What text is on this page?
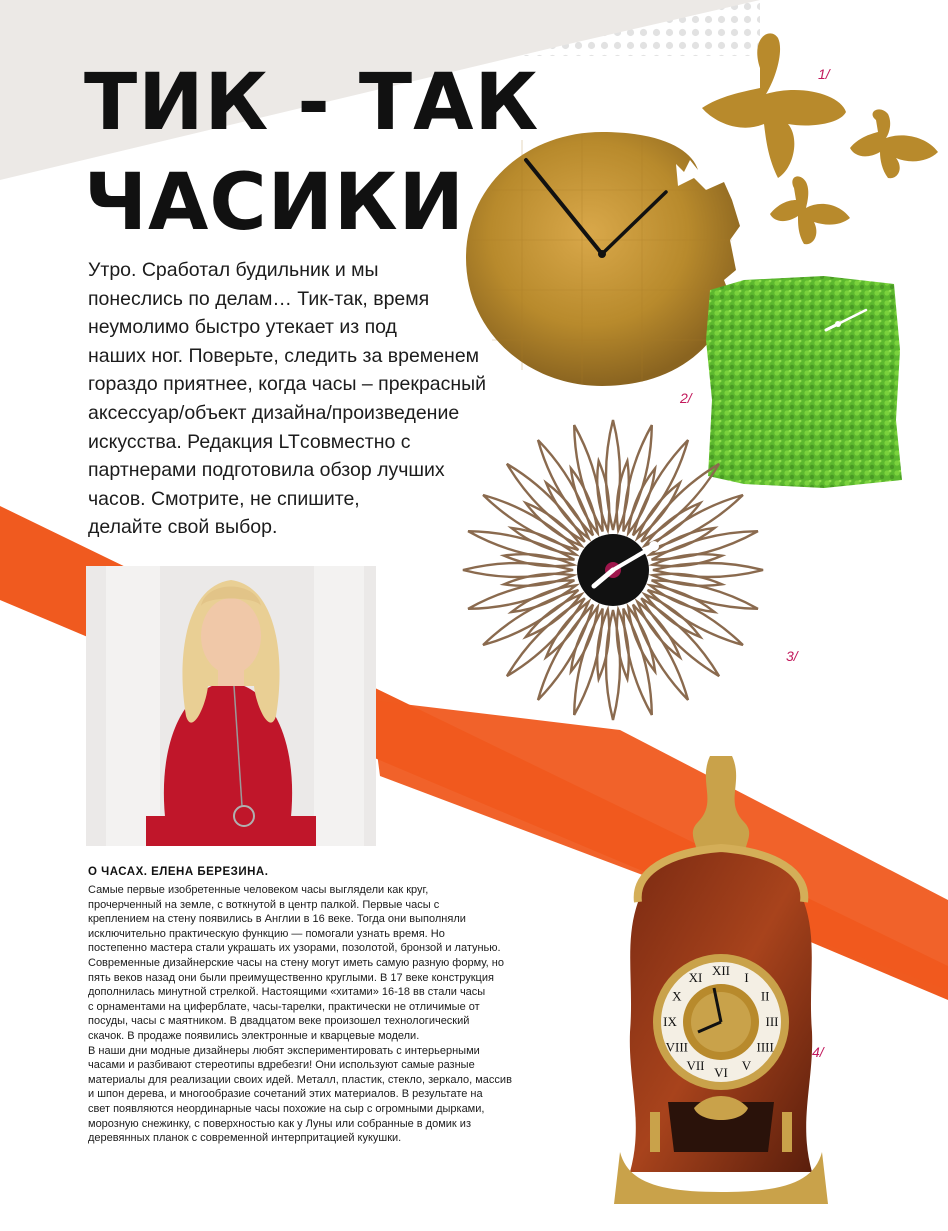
ТИК - ТАК
ЧАСИКИ
Утро. Сработал будильник и мы
понеслись по делам… Тик-так, время
неумолимо быстро утекает из под
наших ног. Поверьте, следить за временем
гораздо приятнее, когда часы – прекрасный
аксессуар/объект дизайна/произведение
искусства. Редакция LTсовместно с
партнерами подготовила обзор лучших
часов. Смотрите, не спишите,
делайте свой выбор.
XII I
II
III
IIII
V
VI
VII
VIII
IX
X
XI
1/
2/
3/
4/
О ЧАСАХ. ЕЛЕНА БЕРЕЗИНА.
Самые первые изобретенные человеком часы выглядели как круг,
прочерченный на земле, с воткнутой в центр палкой. Первые часы с
креплением на стену появились в Англии в 16 веке. Тогда они выполняли
исключительно практическую функцию — помогали узнать время. Но
постепенно мастера стали украшать их узорами, позолотой, бронзой и латунью.
Современные дизайнерские часы на стену могут иметь самую разную форму, но
пять веков назад они были преимущественно круглыми. В 17 веке конструкция
дополнилась минутной стрелкой. Настоящими «хитами» 16-18 вв стали часы
с орнаментами на циферблате, часы-тарелки, практически не отличимые от
посуды, часы с маятником. В двадцатом веке произошел технологический
скачок. В продаже появились электронные и кварцевые модели.
В наши дни модные дизайнеры любят экспериментировать с интерьерными
часами и разбивают стереотипы вдребезги! Они используют самые разные
материалы для реализации своих идей. Металл, пластик, стекло, зеркало, массив
и шпон дерева, и многообразие сочетаний этих материалов. В результате на
свет появляются неординарные часы похожие на сыр с огромными дырками,
морозную снежинку, с поверхностью как у Луны или собранные в домик из
деревянных планок с современной интерпритацией кукушки.
